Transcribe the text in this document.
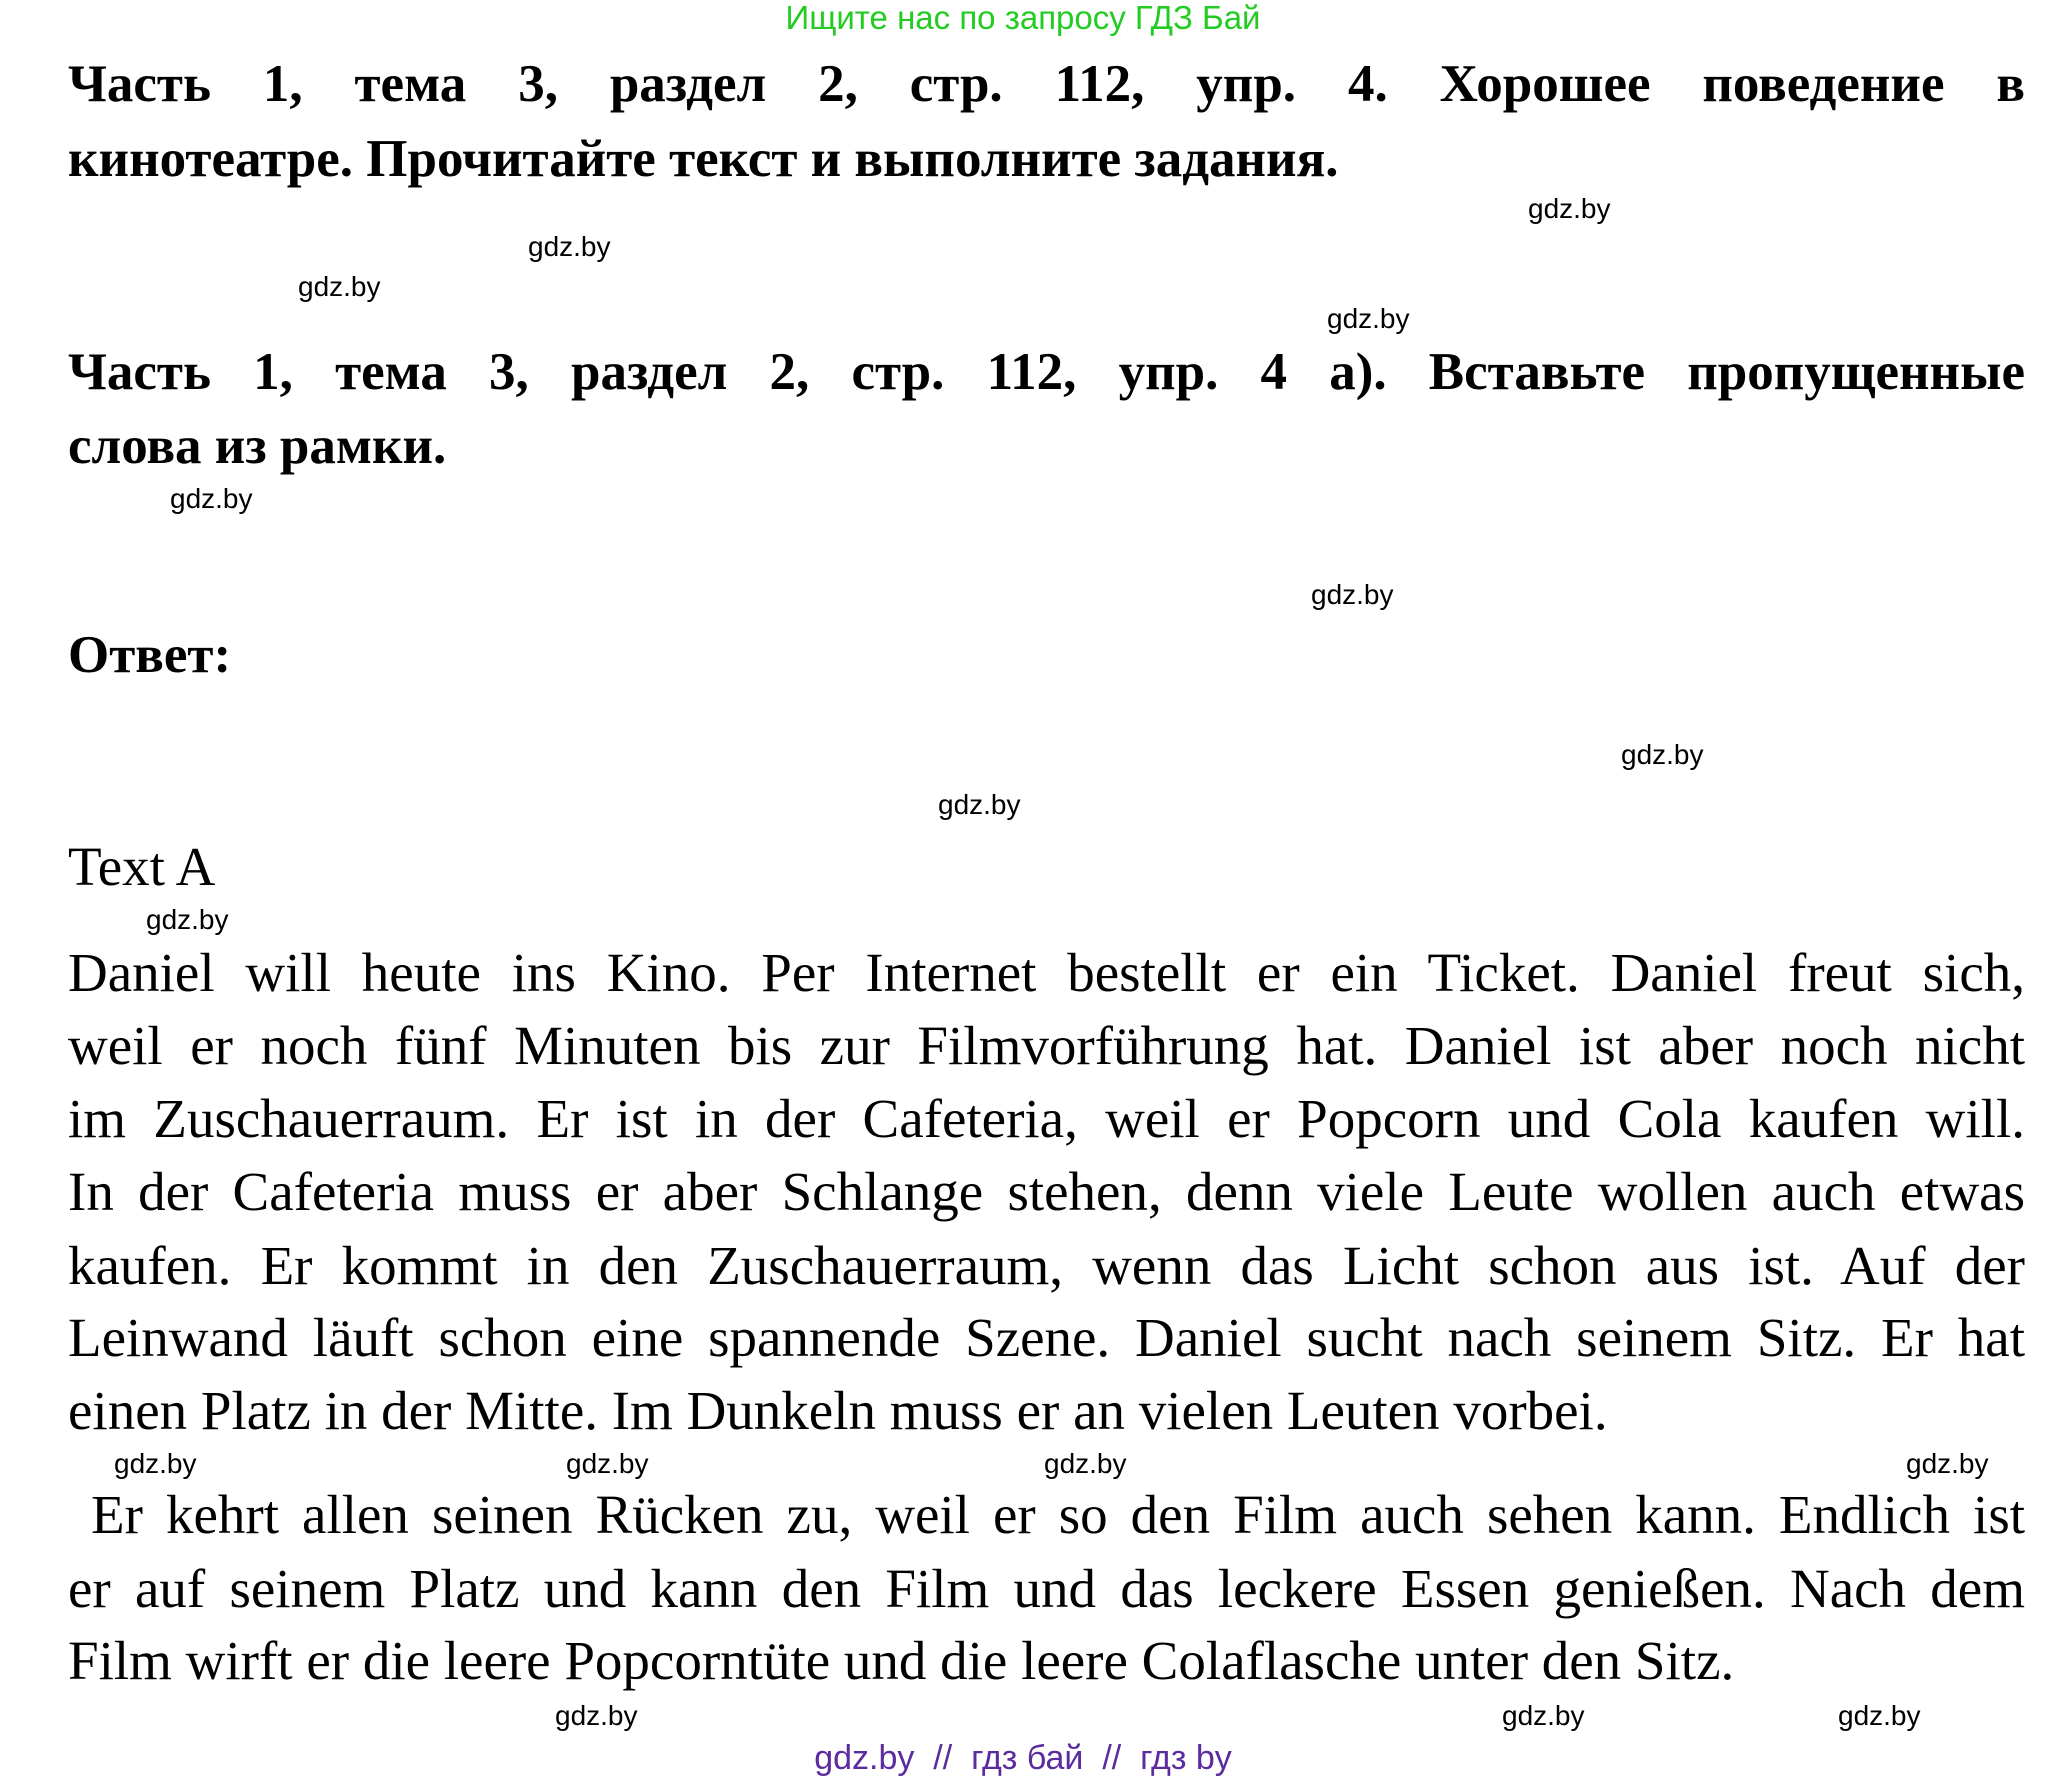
Ищите нас по запросу ГДЗ Бай
Часть 1, тема 3, раздел 2, стр. 112, упр. 4. Хорошее поведение в
кинотеатре. Прочитайте текст и выполните задания.
Часть 1, тема 3, раздел 2, стр. 112, упр. 4 а). Вставьте пропущенные
слова из рамки.
Ответ:
Text A
Daniel will heute ins Kino. Per Internet bestellt er ein Ticket. Daniel freut sich,
weil er noch fünf Minuten bis zur Filmvorführung hat. Daniel ist aber noch nicht
im Zuschauerraum. Er ist in der Cafeteria, weil er Popcorn und Cola kaufen will.
In der Cafeteria muss er aber Schlange stehen, denn viele Leute wollen auch etwas
kaufen. Er kommt in den Zuschauerraum, wenn das Licht schon aus ist. Auf der
Leinwand läuft schon eine spannende Szene. Daniel sucht nach seinem Sitz. Er hat
einen Platz in der Mitte. Im Dunkeln muss er an vielen Leuten vorbei.
Er kehrt allen seinen Rücken zu, weil er so den Film auch sehen kann. Endlich ist
er auf seinem Platz und kann den Film und das leckere Essen genießen. Nach dem
Film wirft er die leere Popcorntüte und die leere Colaflasche unter den Sitz.
gdz.by
gdz.by
gdz.by
gdz.by
gdz.by
gdz.by
gdz.by
gdz.by
gdz.by
gdz.by	gdz.by	gdz.by
gdz.by
gdz.by	gdz.by
gdz.by
gdz.by  //  гдз бай  //  гдз by
